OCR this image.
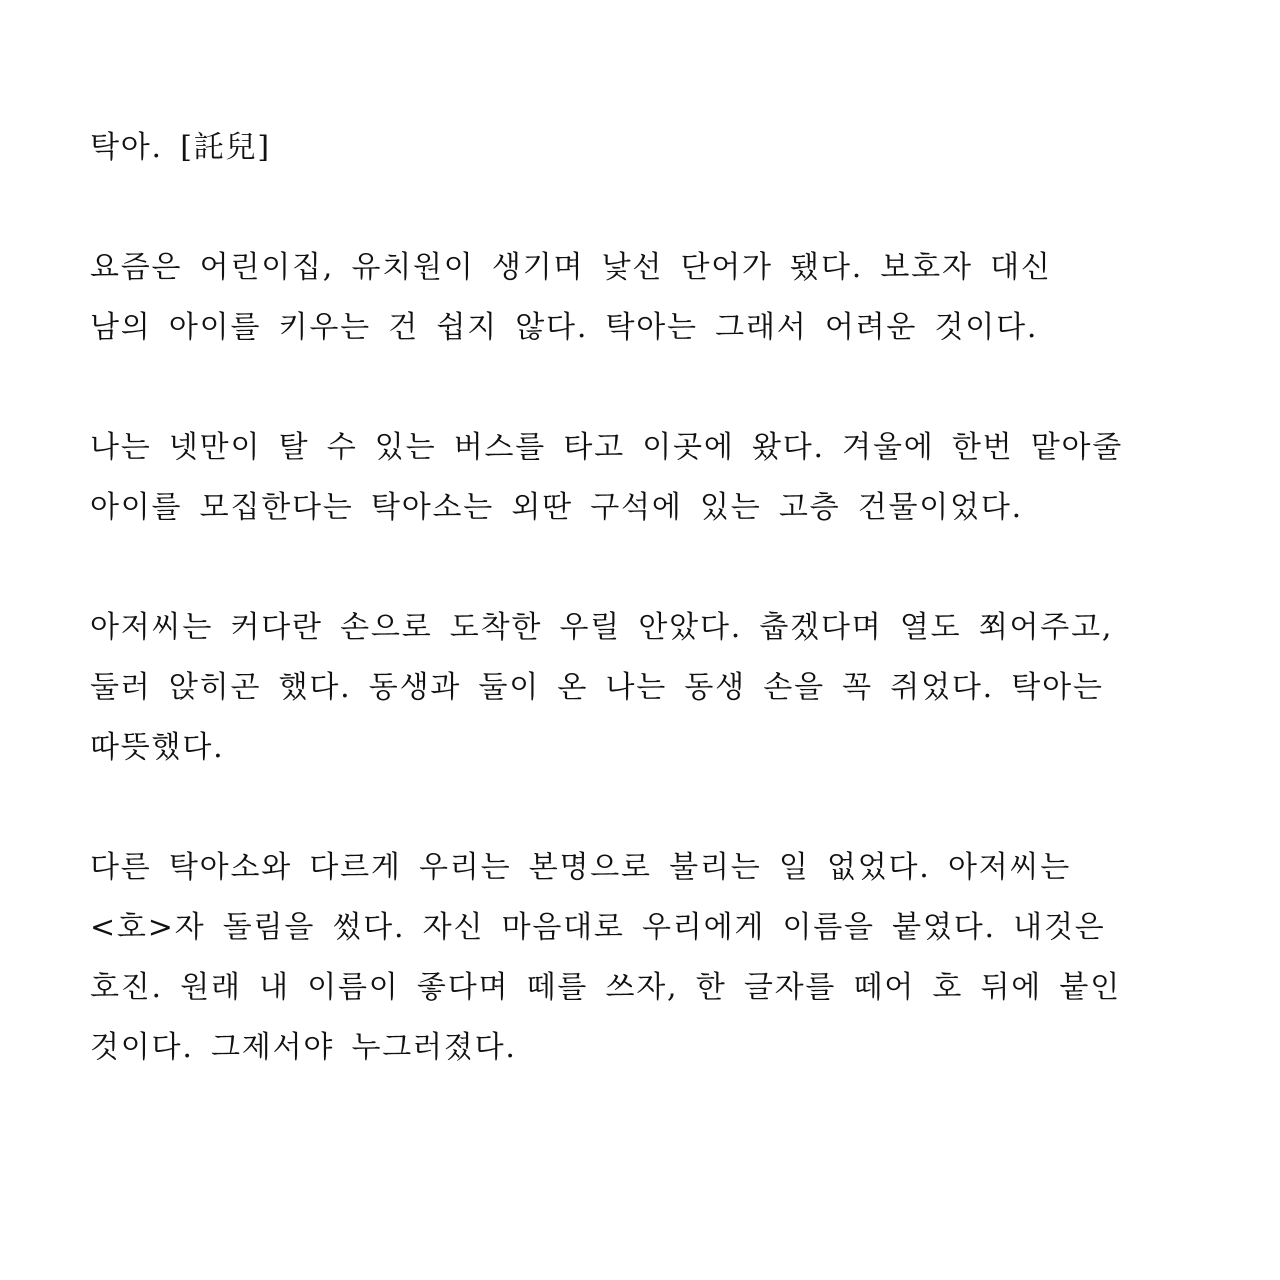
탁아. [託兒]
요즘은 어린이집, 유치원이 생기며 낯선 단어가 됐다. 보호자 대신
남의 아이를 키우는 건 쉽지 않다. 탁아는 그래서 어려운 것이다.
나는 넷만이 탈 수 있는 버스를 타고 이곳에 왔다. 겨울에 한번 맡아줄
아이를 모집한다는 탁아소는 외딴 구석에 있는 고층 건물이었다.
아저씨는 커다란 손으로 도착한 우릴 안았다. 춥겠다며 열도 쬐어주고,
둘러 앉히곤 했다. 동생과 둘이 온 나는 동생 손을 꼭 쥐었다. 탁아는
따뜻했다.
다른 탁아소와 다르게 우리는 본명으로 불리는 일 없었다. 아저씨는
<호>자 돌림을 썼다. 자신 마음대로 우리에게 이름을 붙였다. 내것은
호진. 원래 내 이름이 좋다며 떼를 쓰자, 한 글자를 떼어 호 뒤에 붙인
것이다. 그제서야 누그러졌다.
